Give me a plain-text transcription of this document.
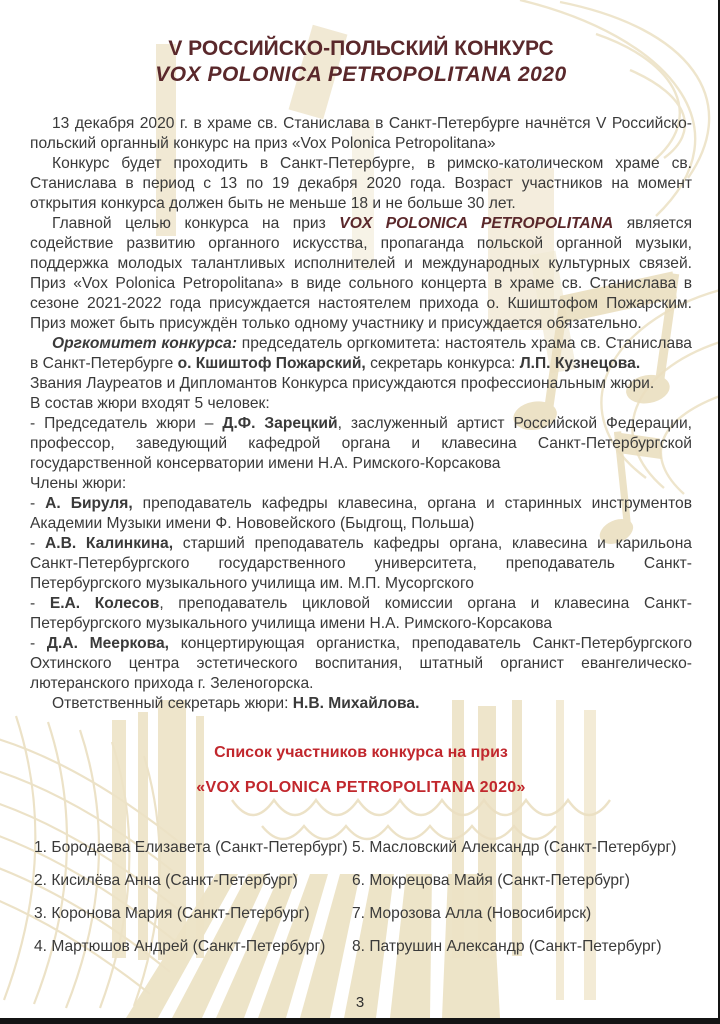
V РОССИЙСКО-ПОЛЬСКИЙ КОНКУРС
VOX POLONICA PETROPOLITANA 2020

13 декабря 2020 г. в храме св. Станислава в Санкт-Петербурге начнётся V Российско-польский органный конкурс на приз «Vox Polonica Petropolitana»

Конкурс будет проходить в Санкт-Петербурге, в римско-католическом храме св. Станислава в период с 13 по 19 декабря 2020 года. Возраст участников на момент открытия конкурса должен быть не меньше 18 и не больше 30 лет.

Главной целью конкурса на приз VOX POLONICA PETROPOLITANA является содействие развитию органного искусства, пропаганда польской органной музыки, поддержка молодых талантливых исполнителей и международных культурных связей. Приз «Vox Polonica Petropolitana» в виде сольного концерта в храме св. Станислава в сезоне 2021-2022 года присуждается настоятелем прихода о. Кшиштофом Пожарским. Приз может быть присуждён только одному участнику и присуждается обязательно.

Оргкомитет конкурса: председатель оргкомитета: настоятель храма св. Станислава в Санкт-Петербурге о. Кшиштоф Пожарский, секретарь конкурса: Л.П. Кузнецова.

Звания Лауреатов и Дипломантов Конкурса присуждаются профессиональным жюри.

В состав жюри входят 5 человек:

- Председатель жюри – Д.Ф. Зарецкий, заслуженный артист Российской Федерации, профессор, заведующий кафедрой органа и клавесина Санкт-Петербургской государственной консерватории имени Н.А. Римского-Корсакова

Члены жюри:

- А. Бируля, преподаватель кафедры клавесина, органа и старинных инструментов Академии Музыки имени Ф. Нововейского (Быдгощ, Польша)

- А.В. Калинкина, старший преподаватель кафедры органа, клавесина и карильона Санкт-Петербургского государственного университета, преподаватель Санкт-Петербургского музыкального училища им. М.П. Мусоргского

- Е.А. Колесов, преподаватель цикловой комиссии органа и клавесина Санкт-Петербургского музыкального училища имени Н.А. Римского-Корсакова

- Д.А. Мееркова, концертирующая органистка, преподаватель Санкт-Петербургского Охтинского центра эстетического воспитания, штатный органист евангелическо-лютеранского прихода г. Зеленогорска.

Ответственный секретарь жюри: Н.В. Михайлова.

Список участников конкурса на приз
«VOX POLONICA PETROPOLITANA 2020»
1. Бородаева Елизавета (Санкт-Петербург)
2. Кисилёва Анна (Санкт-Петербург)
3. Коронова Мария (Санкт-Петербург)
4. Мартюшов Андрей (Санкт-Петербург)
5. Масловский Александр (Санкт-Петербург)
6. Мокрецова Майя (Санкт-Петербург)
7. Морозова Алла (Новосибирск)
8. Патрушин Александр (Санкт-Петербург)
3
